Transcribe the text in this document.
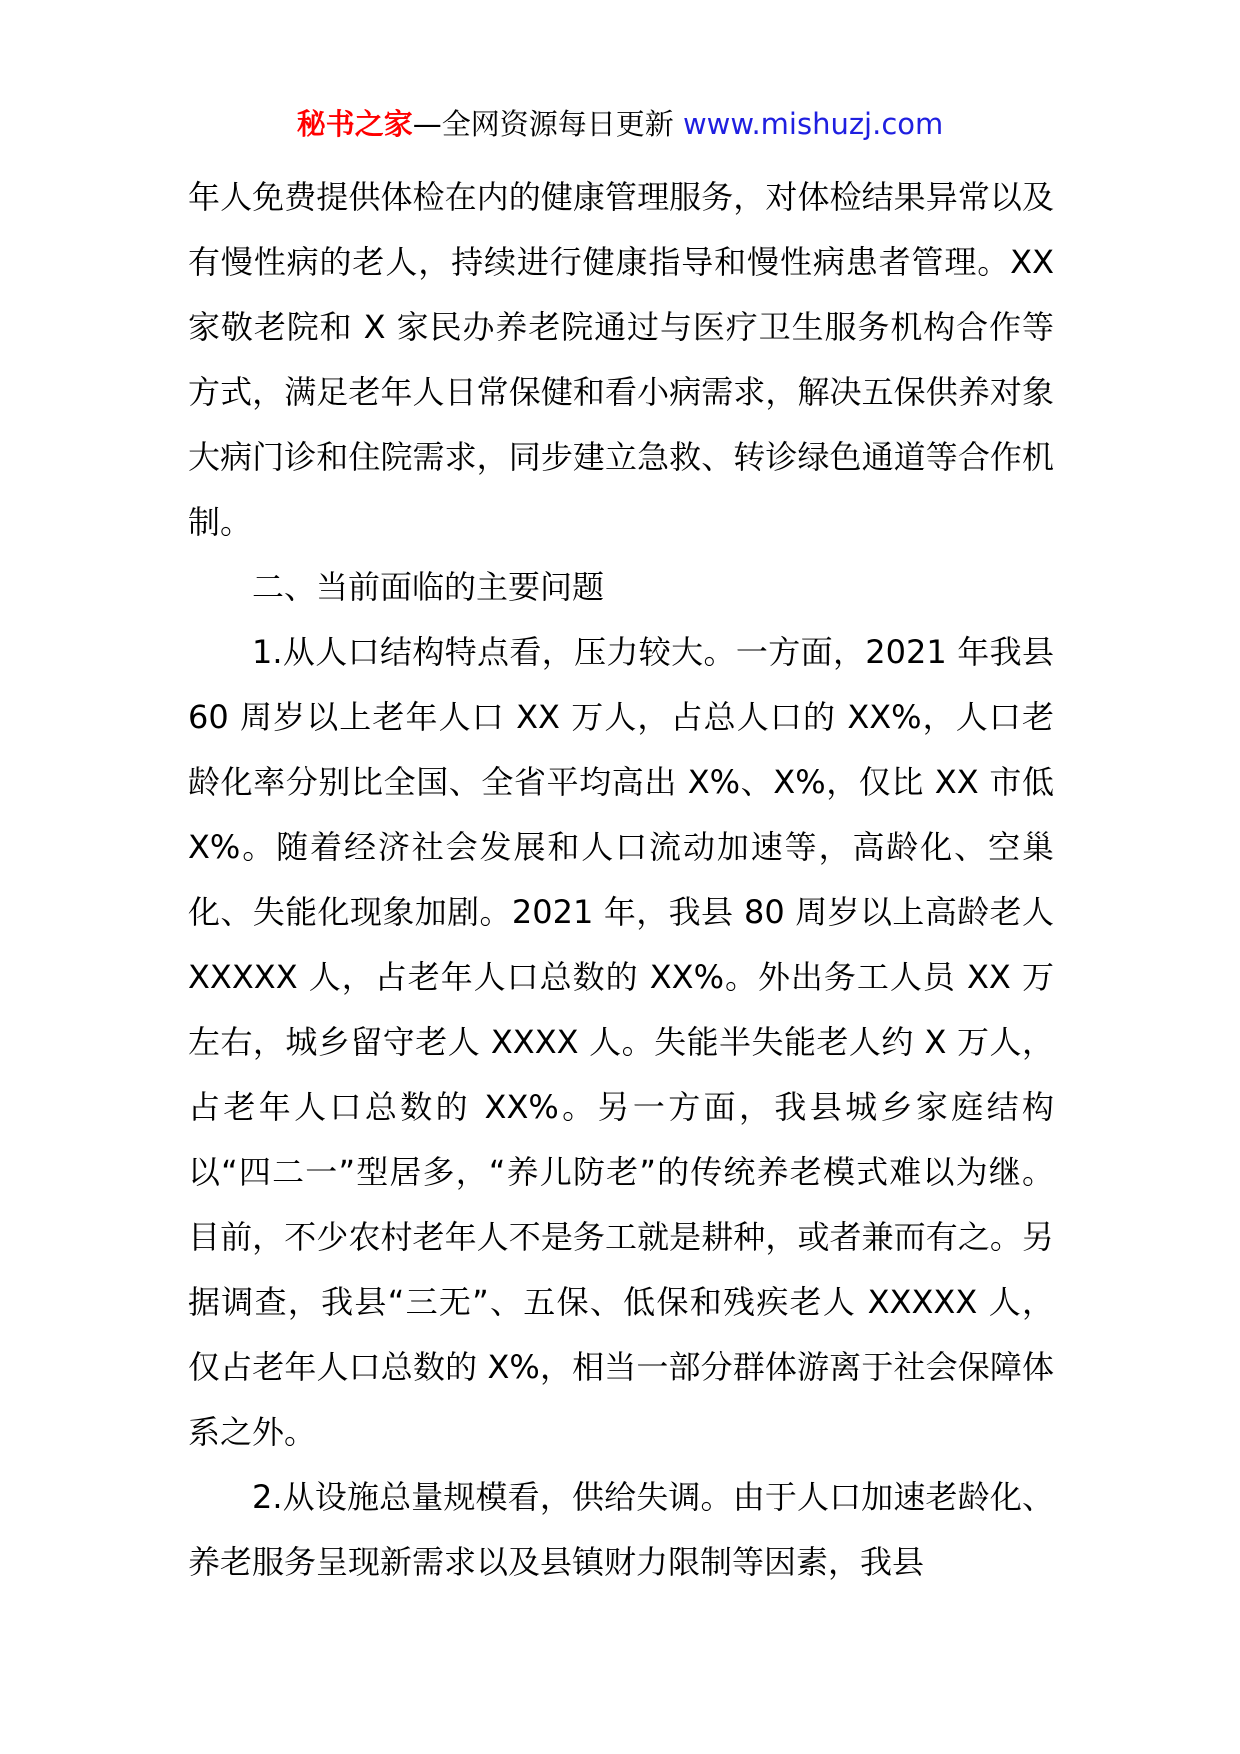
秘书之家—全网资源每日更新 www.mishuzj.com

年人免费提供体检在内的健康管理服务，对体检结果异常以及有慢性病的老人，持续进行健康指导和慢性病患者管理。XX 家敬老院和 X 家民办养老院通过与医疗卫生服务机构合作等方式，满足老年人日常保健和看小病需求，解决五保供养对象大病门诊和住院需求，同步建立急救、转诊绿色通道等合作机制。

二、当前面临的主要问题

1.从人口结构特点看，压力较大。一方面，2021 年我县 60 周岁以上老年人口 XX 万人，占总人口的 XX%，人口老龄化率分别比全国、全省平均高出 X%、X%，仅比 XX 市低 X%。随着经济社会发展和人口流动加速等，高龄化、空巢化、失能化现象加剧。2021 年，我县 80 周岁以上高龄老人 XXXXX 人，占老年人口总数的 XX%。外出务工人员 XX 万左右，城乡留守老人 XXXX 人。失能半失能老人约 X 万人，占老年人口总数的 XX%。另一方面，我县城乡家庭结构以“四二一”型居多，“养儿防老”的传统养老模式难以为继。目前，不少农村老年人不是务工就是耕种，或者兼而有之。另据调查，我县“三无”、五保、低保和残疾老人 XXXXX 人，仅占老年人口总数的 X%，相当一部分群体游离于社会保障体系之外。

2.从设施总量规模看，供给失调。由于人口加速老龄化、养老服务呈现新需求以及县镇财力限制等因素，我县
